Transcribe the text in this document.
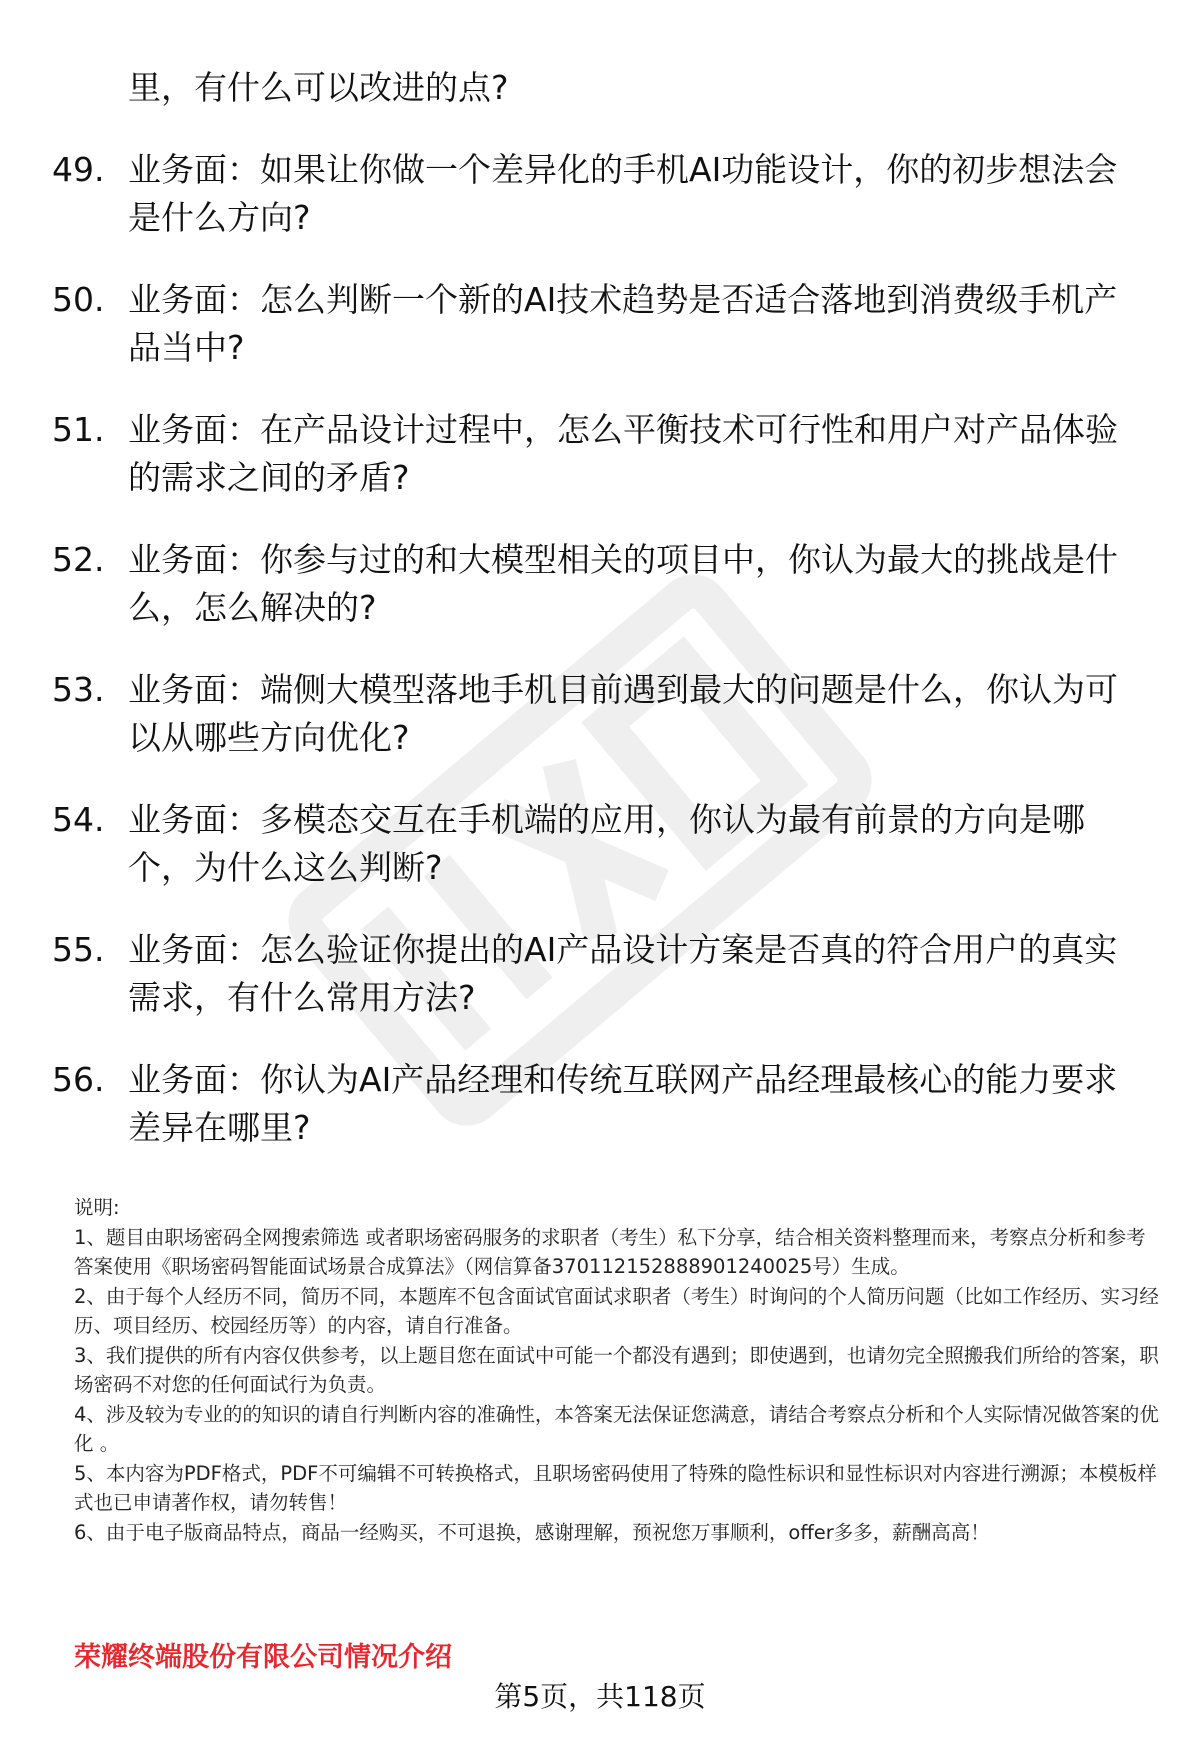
里，有什么可以改进的点?
49. 业务面：如果让你做一个差异化的手机AI功能设计，你的初步想法会是什么方向?
50. 业务面：怎么判断一个新的AI技术趋势是否适合落地到消费级手机产品当中?
51. 业务面：在产品设计过程中，怎么平衡技术可行性和用户对产品体验的需求之间的矛盾?
52. 业务面：你参与过的和大模型相关的项目中，你认为最大的挑战是什么，怎么解决的?
53. 业务面：端侧大模型落地手机目前遇到最大的问题是什么，你认为可以从哪些方向优化?
54. 业务面：多模态交互在手机端的应用，你认为最有前景的方向是哪个，为什么这么判断?
55. 业务面：怎么验证你提出的AI产品设计方案是否真的符合用户的真实需求，有什么常用方法?
56. 业务面：你认为AI产品经理和传统互联网产品经理最核心的能力要求差异在哪里?

说明:

1、题目由职场密码全网搜索筛选 或者职场密码服务的求职者（考生）私下分享，结合相关资料整理而来，考察点分析和参考答案使用《职场密码智能面试场景合成算法》（网信算备370112152888901240025号）生成。

2、由于每个人经历不同，简历不同，本题库不包含面试官面试求职者（考生）时询问的个人简历问题（比如工作经历、实习经历、项目经历、校园经历等）的内容，请自行准备。

3、我们提供的所有内容仅供参考，以上题目您在面试中可能一个都没有遇到；即使遇到，也请勿完全照搬我们所给的答案，职场密码不对您的任何面试行为负责。

4、涉及较为专业的的知识的请自行判断内容的准确性，本答案无法保证您满意，请结合考察点分析和个人实际情况做答案的优化 。

5、本内容为PDF格式，PDF不可编辑不可转换格式，且职场密码使用了特殊的隐性标识和显性标识对内容进行溯源；本模板样式也已申请著作权，请勿转售！

6、由于电子版商品特点，商品一经购买，不可退换，感谢理解，预祝您万事顺利，offer多多，薪酬高高！

荣耀终端股份有限公司情况介绍
第5页，共118页
